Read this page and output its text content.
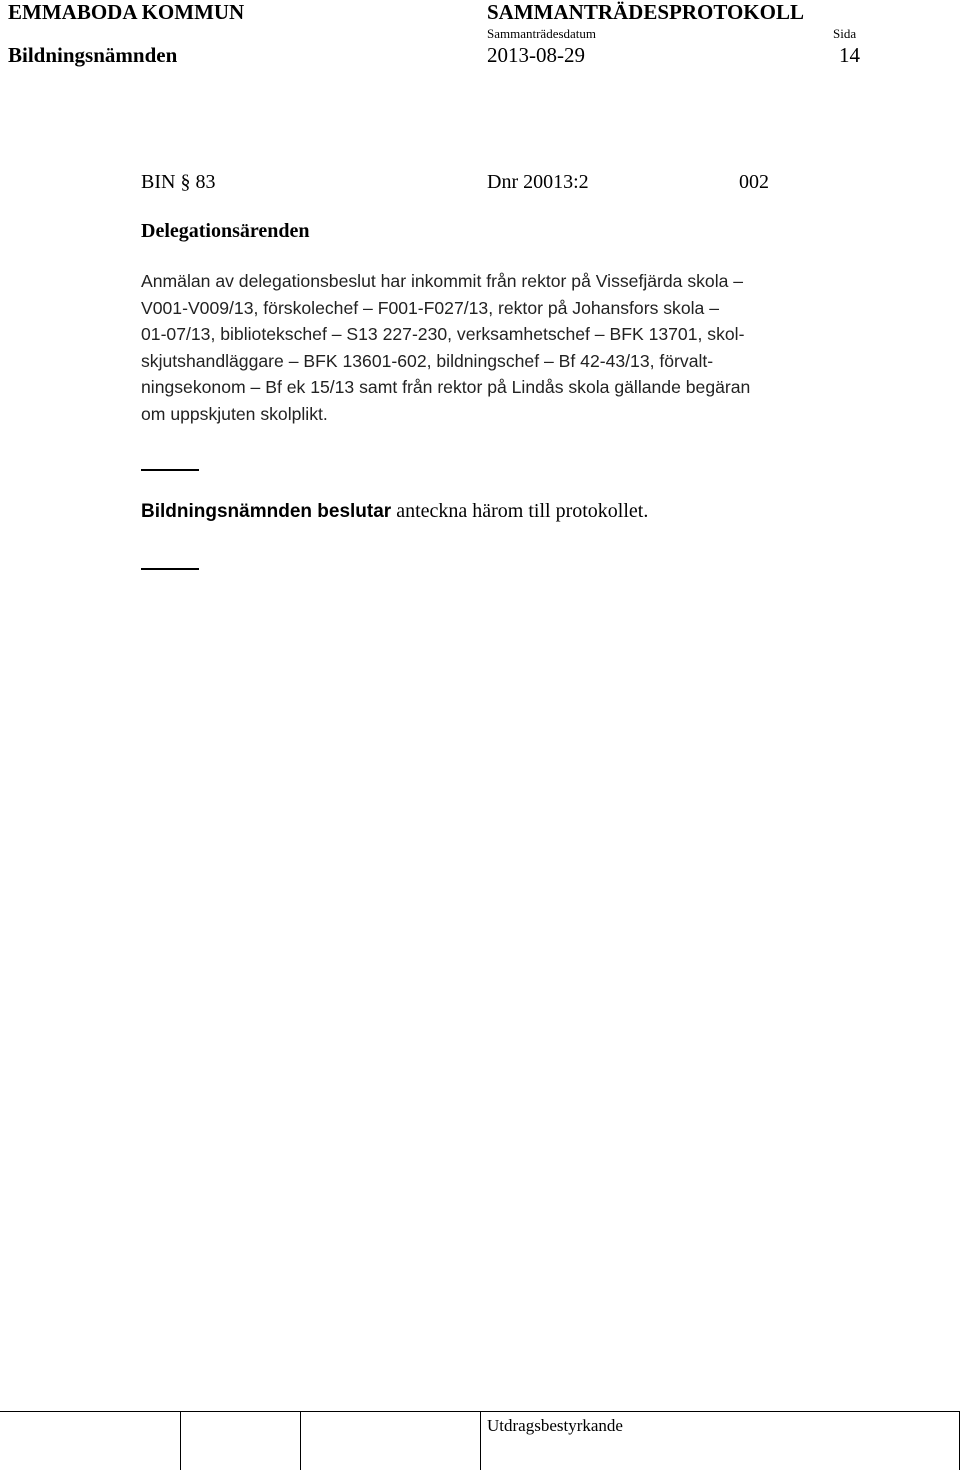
EMMABODA KOMMUN	SAMMANTRÄDESPROTOKOLL
Sammanträdesdatum	Sida
Bildningsnämnden	2013-08-29	14
BIN § 83	Dnr 20013:2	002
Delegationsärenden
Anmälan av delegationsbeslut har inkommit från rektor på Vissefjärda skola –
V001-V009/13, förskolechef – F001-F027/13, rektor på Johansfors skola –
01-07/13, bibliotekschef – S13 227-230, verksamhetschef – BFK 13701, skol-
skjutshandläggare – BFK 13601-602, bildningschef – Bf 42-43/13, förvalt-
ningsekonom – Bf ek 15/13 samt från rektor på Lindås skola gällande begäran
om uppskjuten skolplikt.
Bildningsnämnden beslutar anteckna härom till protokollet.
Utdragsbestyrkande
